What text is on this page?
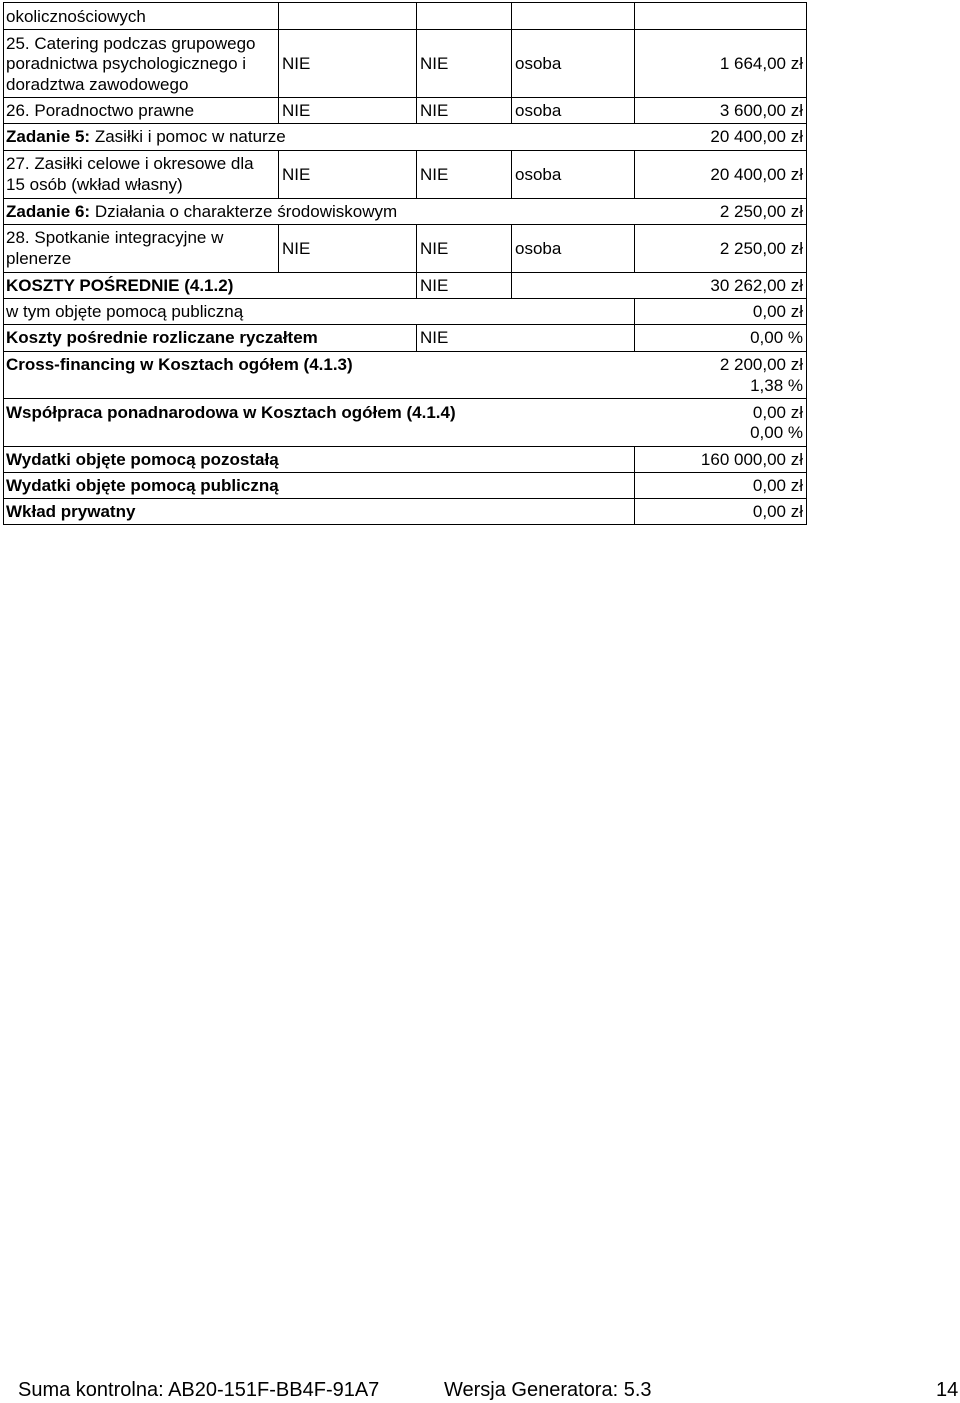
okolicznościowych
25. Catering podczas grupowego
poradnictwa psychologicznego i
doradztwa zawodowego
NIE	NIE	osoba	1 664,00 zł
26. Poradnoctwo prawne	NIE	NIE	osoba	3 600,00 zł
Zadanie 5: Zasiłki i pomoc w naturze	20 400,00 zł
27. Zasiłki celowe i okresowe dla
15 osób (wkład własny)
NIE	NIE	osoba	20 400,00 zł
Zadanie 6: Działania o charakterze środowiskowym	2 250,00 zł
28. Spotkanie integracyjne w
plenerze
NIE	NIE	osoba	2 250,00 zł
KOSZTY POŚREDNIE (4.1.2)	NIE	30 262,00 zł
w tym objęte pomocą publiczną	0,00 zł
Koszty pośrednie rozliczane ryczałtem	NIE	0,00 %
Cross-financing w Kosztach ogółem (4.1.3)	2 200,00 zł
1,38 %
Współpraca ponadnarodowa w Kosztach ogółem (4.1.4)	0,00 zł
0,00 %
Wydatki objęte pomocą pozostałą	160 000,00 zł
Wydatki objęte pomocą publiczną	0,00 zł
Wkład prywatny	0,00 zł
Suma kontrolna: AB20-151F-BB4F-91A7	Wersja Generatora: 5.3	14
